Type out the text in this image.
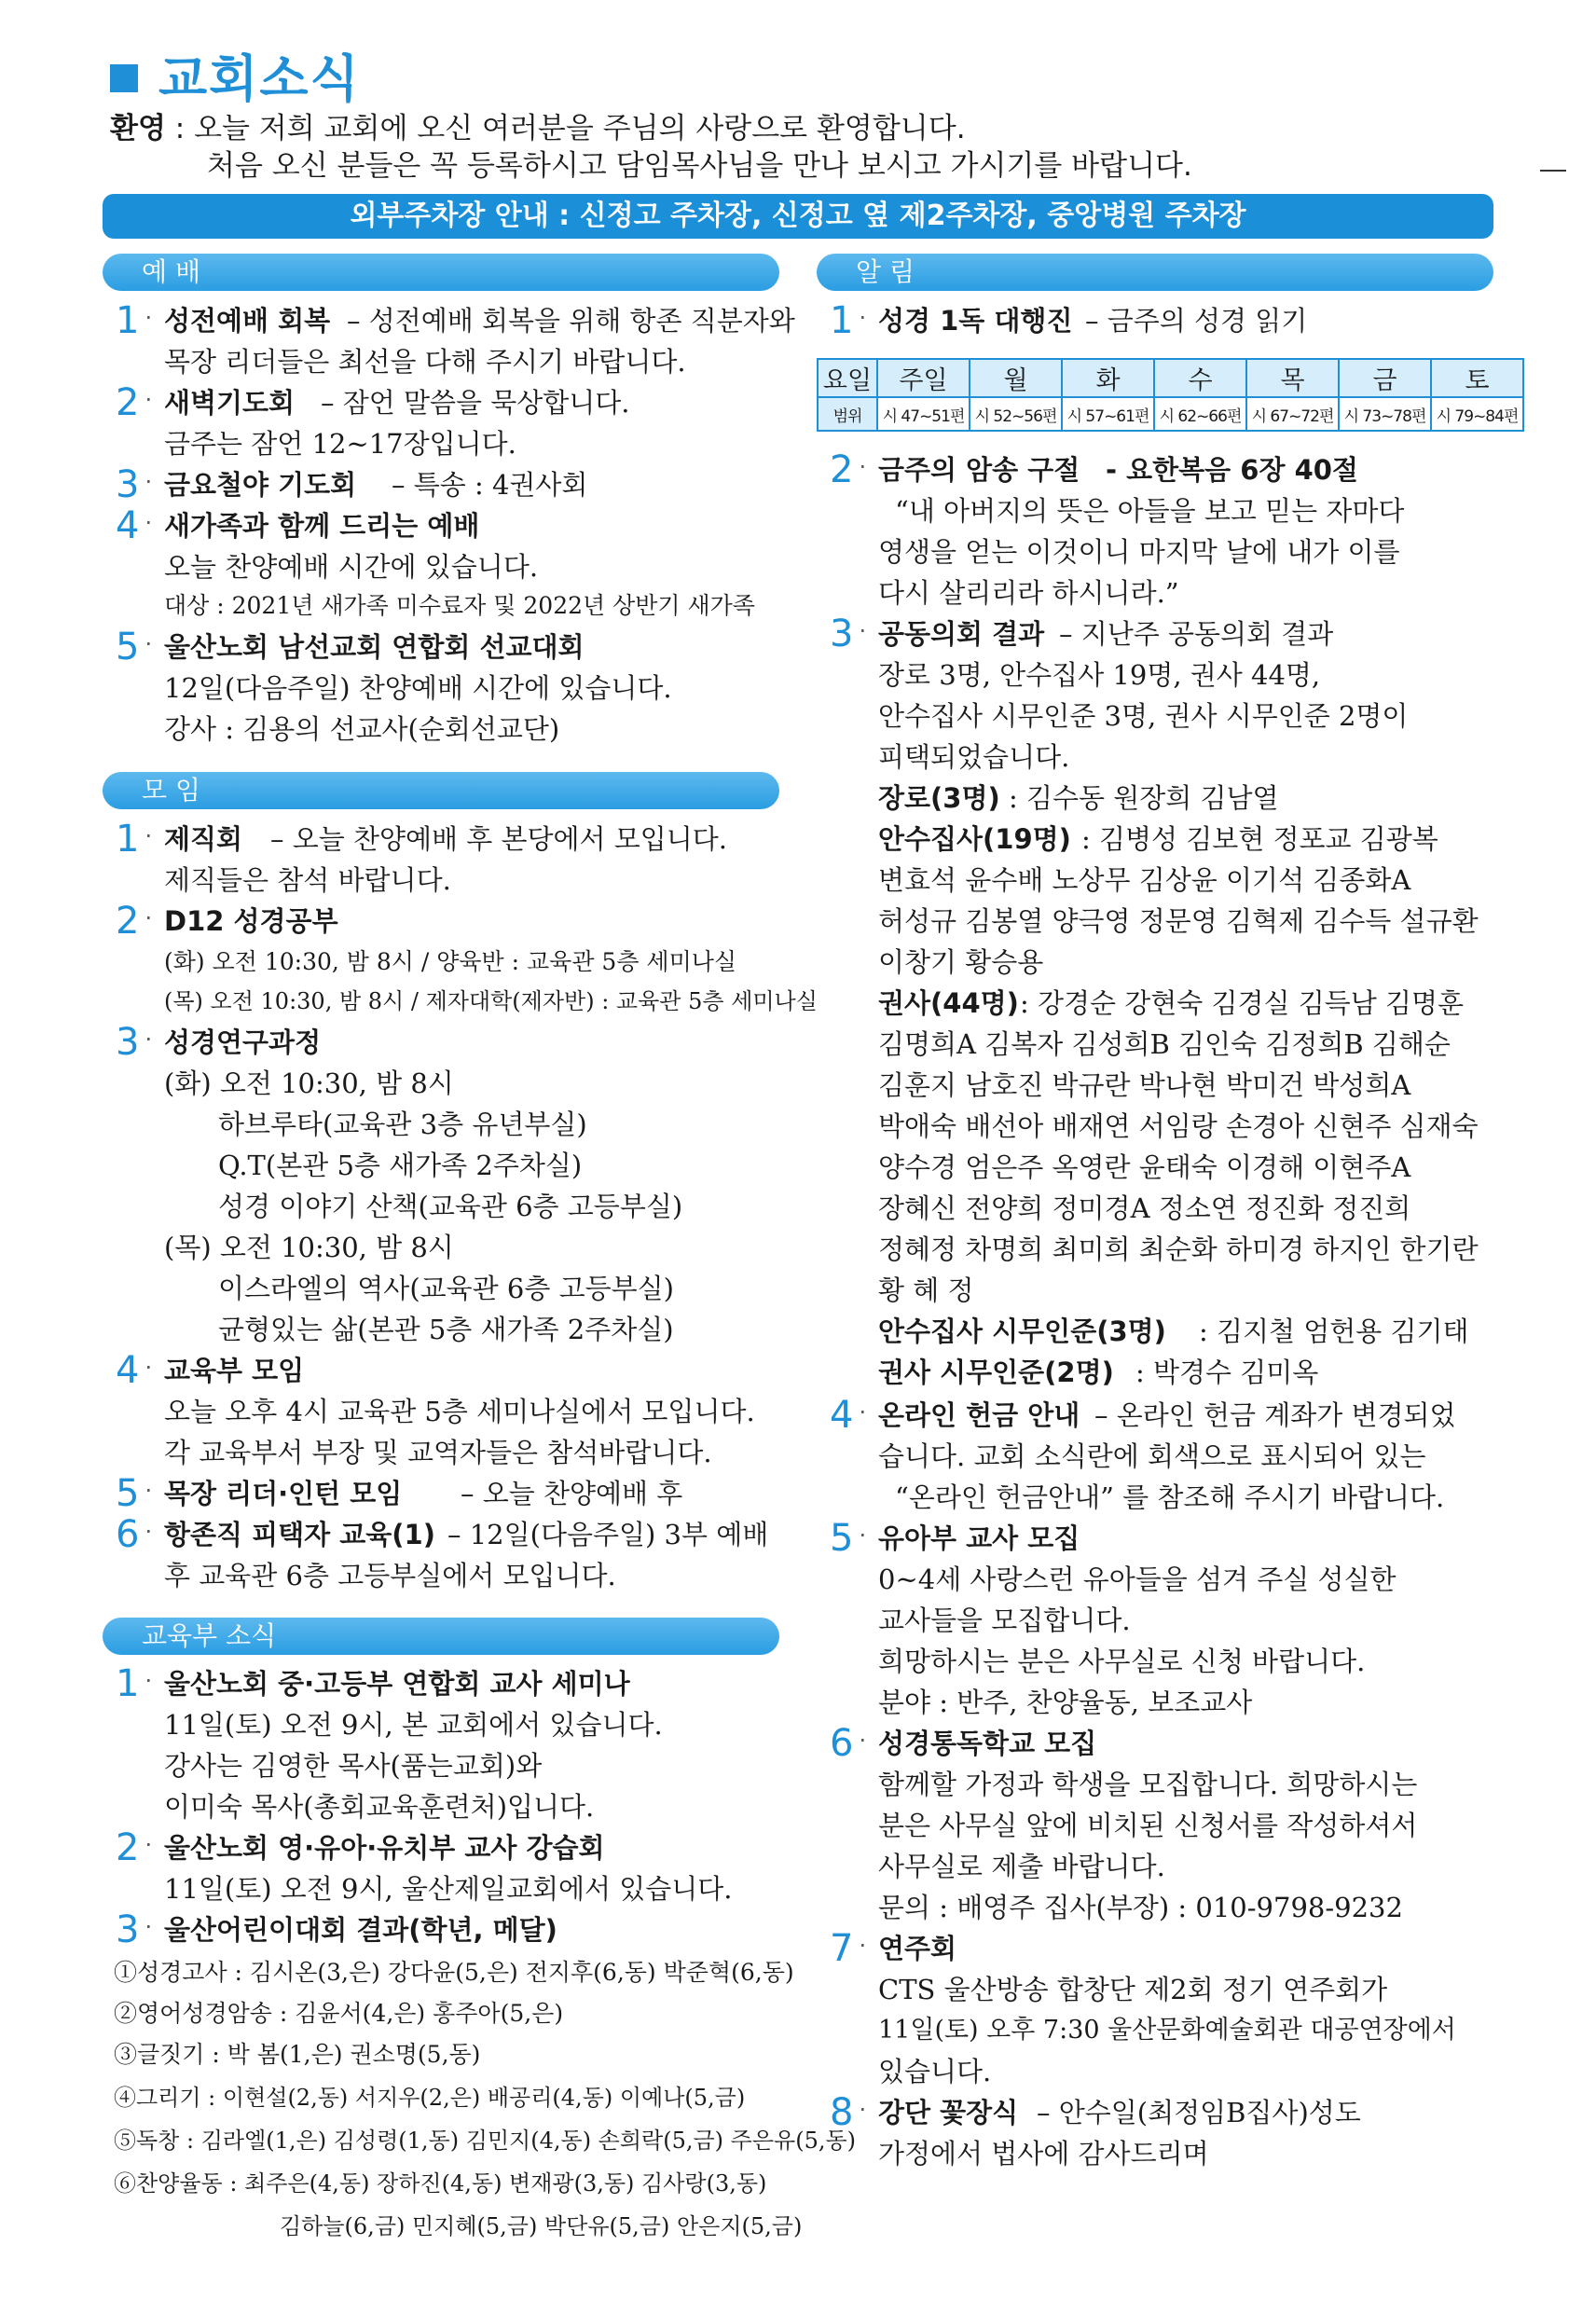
교회소식
환영 : 오늘 저희 교회에 오신 여러분을 주님의 사랑으로 환영합니다.
처음 오신 분들은 꼭 등록하시고 담임목사님을 만나 보시고 가시기를 바랍니다.
외부주차장 안내 : 신정고 주차장, 신정고 옆 제2주차장, 중앙병원 주차장
예 배
모 임
교육부 소식
알 림
1 · 성전예배 회복 – 성전예배 회복을 위해 항존 직분자와
목장 리더들은 최선을 다해 주시기 바랍니다.
2 · 새벽기도회 – 잠언 말씀을 묵상합니다.
금주는 잠언 12~17장입니다.
3 · 금요철야 기도회 – 특송 : 4권사회
4 · 새가족과 함께 드리는 예배
오늘 찬양예배 시간에 있습니다.
대상 : 2021년 새가족 미수료자 및 2022년 상반기 새가족
5 · 울산노회 남선교회 연합회 선교대회
12일(다음주일) 찬양예배 시간에 있습니다.
강사 : 김용의 선교사(순회선교단)
1 · 제직회 – 오늘 찬양예배 후 본당에서 모입니다.
제직들은 참석 바랍니다.
2 · D12 성경공부
(화) 오전 10:30, 밤 8시 / 양육반 : 교육관 5층 세미나실
(목) 오전 10:30, 밤 8시 / 제자대학(제자반) : 교육관 5층 세미나실
3 · 성경연구과정
(화) 오전 10:30, 밤 8시
하브루타(교육관 3층 유년부실)
Q.T(본관 5층 새가족 2주차실)
성경 이야기 산책(교육관 6층 고등부실)
(목) 오전 10:30, 밤 8시
이스라엘의 역사(교육관 6층 고등부실)
균형있는 삶(본관 5층 새가족 2주차실)
4 · 교육부 모임
오늘 오후 4시 교육관 5층 세미나실에서 모입니다.
각 교육부서 부장 및 교역자들은 참석바랍니다.
5 · 목장 리더·인턴 모임 – 오늘 찬양예배 후
6 · 항존직 피택자 교육(1) – 12일(다음주일) 3부 예배
후 교육관 6층 고등부실에서 모입니다.
1 · 울산노회 중·고등부 연합회 교사 세미나
11일(토) 오전 9시, 본 교회에서 있습니다.
강사는 김영한 목사(품는교회)와
이미숙 목사(총회교육훈련처)입니다.
2 · 울산노회 영·유아·유치부 교사 강습회
11일(토) 오전 9시, 울산제일교회에서 있습니다.
3 · 울산어린이대회 결과(학년, 메달)
①성경고사 : 김시온(3,은) 강다윤(5,은) 전지후(6,동) 박준혁(6,동)
②영어성경암송 : 김윤서(4,은) 홍주아(5,은)
③글짓기 : 박 봄(1,은) 권소명(5,동)
④그리기 : 이현설(2,동) 서지우(2,은) 배공리(4,동) 이예나(5,금)
⑤독창 : 김라엘(1,은) 김성령(1,동) 김민지(4,동) 손희락(5,금) 주은유(5,동)
⑥찬양율동 : 최주은(4,동) 장하진(4,동) 변재광(3,동) 김사랑(3,동)
김하늘(6,금) 민지혜(5,금) 박단유(5,금) 안은지(5,금)
1 · 성경 1독 대행진 – 금주의 성경 읽기
요일	주일	월	화	수	목	금	토
범위	시 47~51편	시 52~56편	시 57~61편	시 62~66편	시 67~72편	시 73~78편	시 79~84편
2 · 금주의 암송 구절 - 요한복음 6장 40절
“내 아버지의 뜻은 아들을 보고 믿는 자마다
영생을 얻는 이것이니 마지막 날에 내가 이를
다시 살리리라 하시니라.”
3 · 공동의회 결과 – 지난주 공동의회 결과
장로 3명, 안수집사 19명, 권사 44명,
안수집사 시무인준 3명, 권사 시무인준 2명이
피택되었습니다.
장로(3명) : 김수동 원장희 김남열
안수집사(19명) : 김병성 김보현 정포교 김광복
변효석 윤수배 노상무 김상윤 이기석 김종화A
허성규 김봉열 양극영 정문영 김혁제 김수득 설규환
이창기 황승용
권사(44명) : 강경순 강현숙 김경실 김득남 김명훈
김명희A 김복자 김성희B 김인숙 김정희B 김해순
김훈지 남호진 박규란 박나현 박미건 박성희A
박애숙 배선아 배재연 서임랑 손경아 신현주 심재숙
양수경 엄은주 옥영란 윤태숙 이경해 이현주A
장혜신 전양희 정미경A 정소연 정진화 정진희
정혜정 차명희 최미희 최순화 하미경 하지인 한기란
황 혜 정
안수집사 시무인준(3명) : 김지철 엄헌용 김기태
권사 시무인준(2명) : 박경수 김미옥
4 · 온라인 헌금 안내 – 온라인 헌금 계좌가 변경되었
습니다. 교회 소식란에 회색으로 표시되어 있는
“온라인 헌금안내” 를 참조해 주시기 바랍니다.
5 · 유아부 교사 모집
0~4세 사랑스런 유아들을 섬겨 주실 성실한
교사들을 모집합니다.
희망하시는 분은 사무실로 신청 바랍니다.
분야 : 반주, 찬양율동, 보조교사
6 · 성경통독학교 모집
함께할 가정과 학생을 모집합니다. 희망하시는
분은 사무실 앞에 비치된 신청서를 작성하셔서
사무실로 제출 바랍니다.
문의 : 배영주 집사(부장) : 010-9798-9232
7 · 연주회
CTS 울산방송 합창단 제2회 정기 연주회가
11일(토) 오후 7:30 울산문화예술회관 대공연장에서
있습니다.
8 · 강단 꽃장식 – 안수일(최정임B집사)성도
가정에서 법사에 감사드리며
